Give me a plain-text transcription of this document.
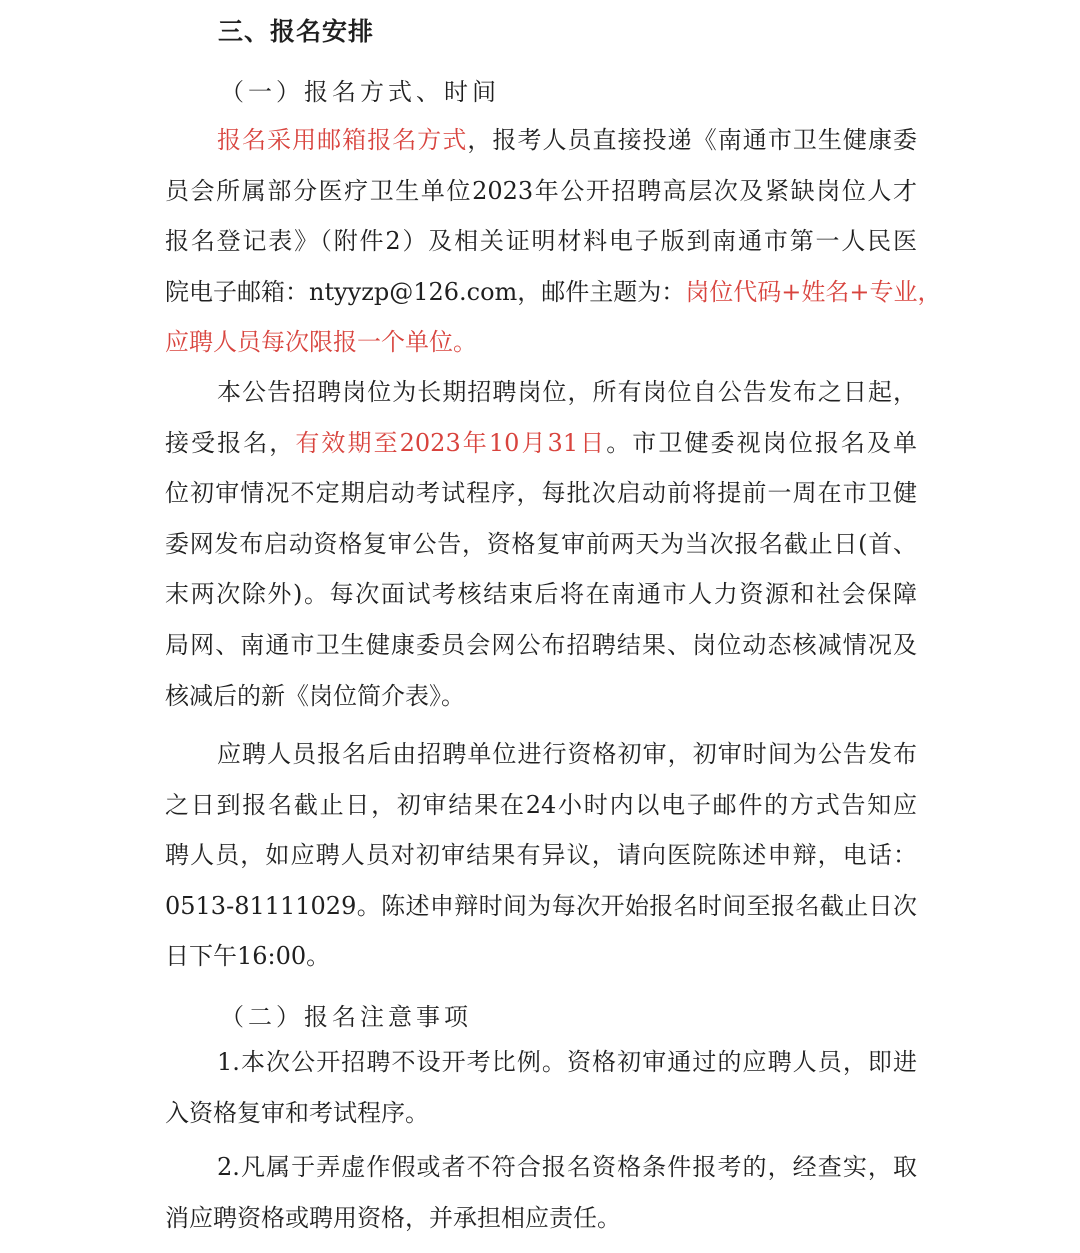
三、报名安排
（一）报名方式、时间
报名采用邮箱报名方式，报考人员直接投递《南通市卫生健康委
员会所属部分医疗卫生单位2023年公开招聘高层次及紧缺岗位人才
报名登记表》（附件2）及相关证明材料电子版到南通市第一人民医
院电子邮箱：ntyyzp@126.com，邮件主题为：岗位代码+姓名+专业，
应聘人员每次限报一个单位。
本公告招聘岗位为长期招聘岗位，所有岗位自公告发布之日起，
接受报名，有效期至2023年10月31日。市卫健委视岗位报名及单
位初审情况不定期启动考试程序，每批次启动前将提前一周在市卫健
委网发布启动资格复审公告，资格复审前两天为当次报名截止日(首、
末两次除外)。每次面试考核结束后将在南通市人力资源和社会保障
局网、南通市卫生健康委员会网公布招聘结果、岗位动态核减情况及
核减后的新《岗位简介表》。
应聘人员报名后由招聘单位进行资格初审，初审时间为公告发布
之日到报名截止日，初审结果在24小时内以电子邮件的方式告知应
聘人员，如应聘人员对初审结果有异议，请向医院陈述申辩，电话：
0513-81111029。陈述申辩时间为每次开始报名时间至报名截止日次
日下午16:00。
（二）报名注意事项
1.本次公开招聘不设开考比例。资格初审通过的应聘人员，即进
入资格复审和考试程序。
2.凡属于弄虚作假或者不符合报名资格条件报考的，经查实，取
消应聘资格或聘用资格，并承担相应责任。
